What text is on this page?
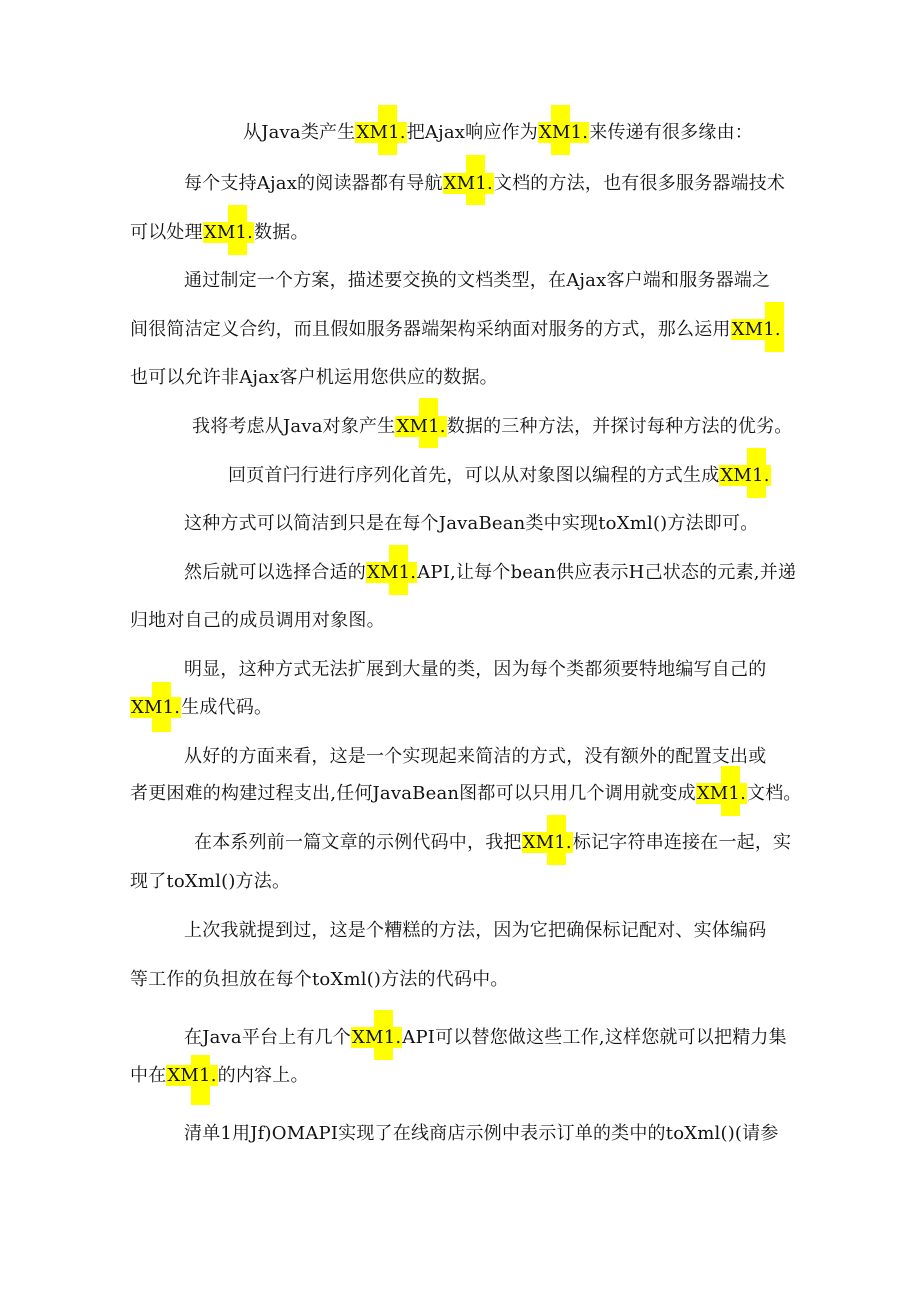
从Java类产生XM1.把Ajax响应作为XM1.来传递有很多缘由：
每个支持Ajax的阅读器都有导航XM1.文档的方法，也有很多服务器端技术
可以处理XM1.数据。
通过制定一个方案，描述要交换的文档类型，在Ajax客户端和服务器端之
间很简洁定义合约，而且假如服务器端架构采纳面对服务的方式，那么运用XM1.
也可以允许非Ajax客户机运用您供应的数据。
我将考虑从Java对象产生XM1.数据的三种方法，并探讨每种方法的优劣。
回页首闩行进行序列化首先，可以从对象图以编程的方式生成XM1.
这种方式可以简洁到只是在每个JavaBean类中实现toXml()方法即可。
然后就可以选择合适的XM1.API,让每个bean供应表示H己状态的元素,并递
归地对自己的成员调用对象图。
明显，这种方式无法扩展到大量的类，因为每个类都须要特地编写自己的
XM1.生成代码。
从好的方面来看，这是一个实现起来简洁的方式，没有额外的配置支出或
者更困难的构建过程支出,任何JavaBean图都可以只用几个调用就变成XM1.文档。
在本系列前一篇文章的示例代码中，我把XM1.标记字符串连接在一起，实
现了toXml()方法。
上次我就提到过，这是个糟糕的方法，因为它把确保标记配对、实体编码
等工作的负担放在每个toXml()方法的代码中。
在Java平台上有几个XM1.API可以替您做这些工作,这样您就可以把精力集
中在XM1.的内容上。
清单1用Jf)OMAPI实现了在线商店示例中表示订单的类中的toXml()(请参
